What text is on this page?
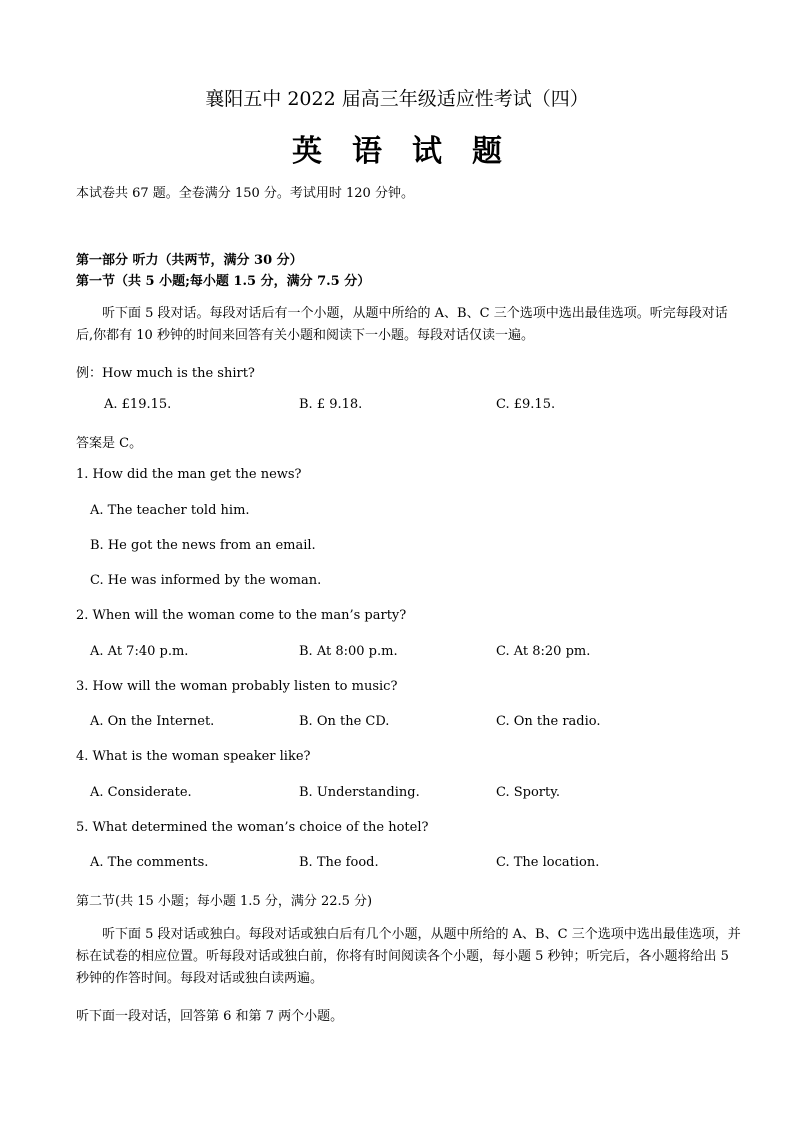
襄阳五中 2022 届高三年级适应性考试（四）
英语试题
本试卷共 67 题。全卷满分 150 分。考试用时 120 分钟。
第一部分 听力（共两节，满分 30 分）
第一节（共 5 小题;每小题 1.5 分，满分 7.5 分）
听下面 5 段对话。每段对话后有一个小题，从题中所给的 A、B、C 三个选项中选出最佳选项。听完每段对话后,你都有 10 秒钟的时间来回答有关小题和阅读下一小题。每段对话仅读一遍。
例：How much is the shirt?
A. £19.15.	B. £ 9.18.	C. £9.15.
答案是 C。
1. How did the man get the news?
A. The teacher told him.
B. He got the news from an email.
C. He was informed by the woman.
2. When will the woman come to the man’s party?
A. At 7:40 p.m.	B. At 8:00 p.m.	C. At 8:20 pm.
3. How will the woman probably listen to music?
A. On the Internet.	B. On the CD.	C. On the radio.
4. What is the woman speaker like?
A. Considerate.	B. Understanding.	C. Sporty.
5. What determined the woman’s choice of the hotel?
A. The comments.	B. The food.	C. The location.
第二节(共 15 小题；每小题 1.5 分，满分 22.5 分)
听下面 5 段对话或独白。每段对话或独白后有几个小题，从题中所给的 A、B、C 三个选项中选出最佳选项，并标在试卷的相应位置。听每段对话或独白前，你将有时间阅读各个小题，每小题 5 秒钟；听完后，各小题将给出 5 秒钟的作答时间。每段对话或独白读两遍。
听下面一段对话，回答第 6 和第 7 两个小题。
